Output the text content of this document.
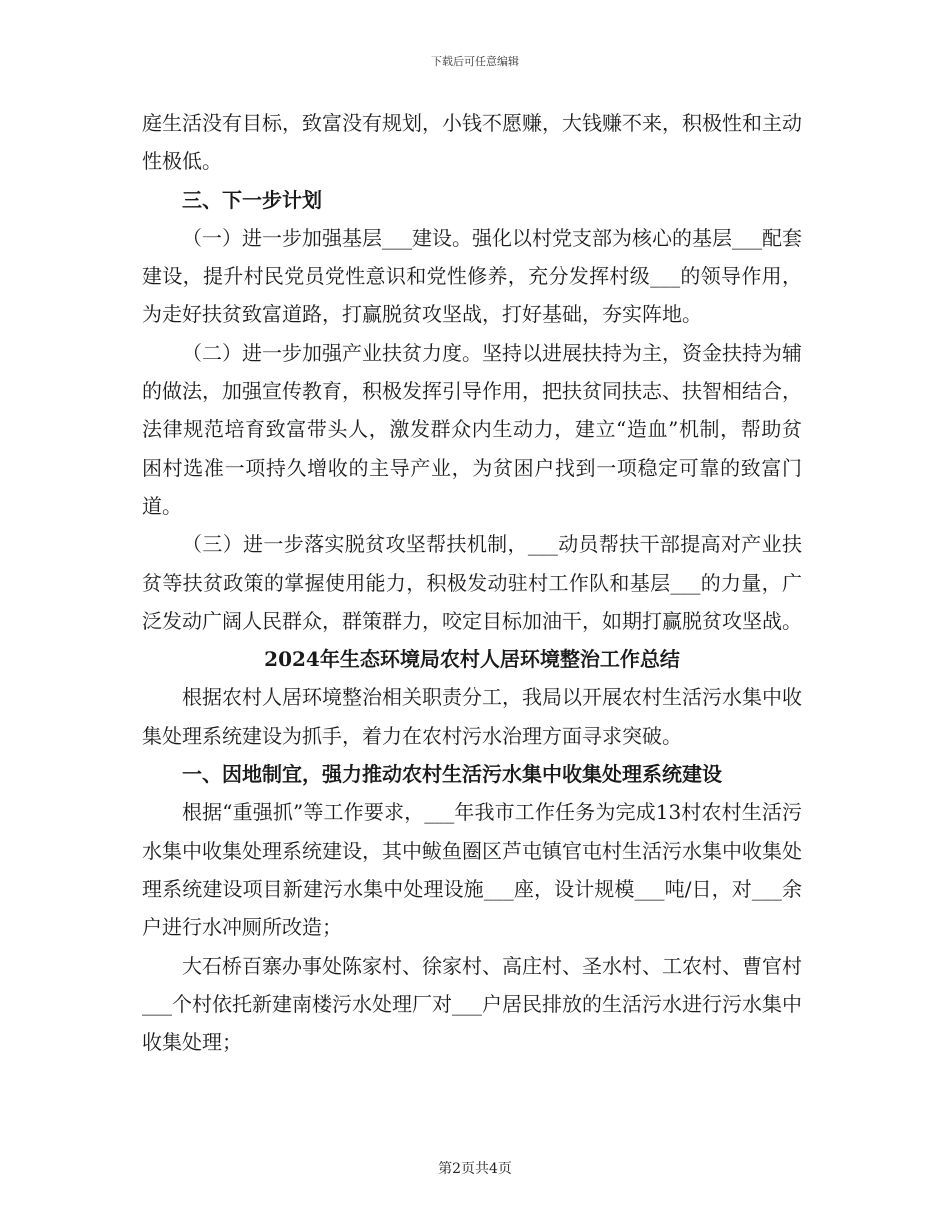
下载后可任意编辑

庭生活没有目标，致富没有规划，小钱不愿赚，大钱赚不来，积极性和主动性极低。

三、下一步计划

（一）进一步加强基层___建设。强化以村党支部为核心的基层___配套建设，提升村民党员党性意识和党性修养，充分发挥村级___的领导作用，为走好扶贫致富道路，打赢脱贫攻坚战，打好基础，夯实阵地。

（二）进一步加强产业扶贫力度。坚持以进展扶持为主，资金扶持为辅的做法，加强宣传教育，积极发挥引导作用，把扶贫同扶志、扶智相结合，法律规范培育致富带头人，激发群众内生动力，建立“造血”机制，帮助贫困村选准一项持久增收的主导产业，为贫困户找到一项稳定可靠的致富门道。

（三）进一步落实脱贫攻坚帮扶机制，___动员帮扶干部提高对产业扶贫等扶贫政策的掌握使用能力，积极发动驻村工作队和基层___的力量，广泛发动广阔人民群众，群策群力，咬定目标加油干，如期打赢脱贫攻坚战。

2024年生态环境局农村人居环境整治工作总结

根据农村人居环境整治相关职责分工，我局以开展农村生活污水集中收集处理系统建设为抓手，着力在农村污水治理方面寻求突破。

一、因地制宜，强力推动农村生活污水集中收集处理系统建设

根据“重强抓”等工作要求，___年我市工作任务为完成13村农村生活污水集中收集处理系统建设，其中鲅鱼圈区芦屯镇官屯村生活污水集中收集处理系统建设项目新建污水集中处理设施___座，设计规模___吨/日，对___余户进行水冲厕所改造；

大石桥百寨办事处陈家村、徐家村、高庄村、圣水村、工农村、曹官村___个村依托新建南楼污水处理厂对___户居民排放的生活污水进行污水集中收集处理；

第2页共4页
